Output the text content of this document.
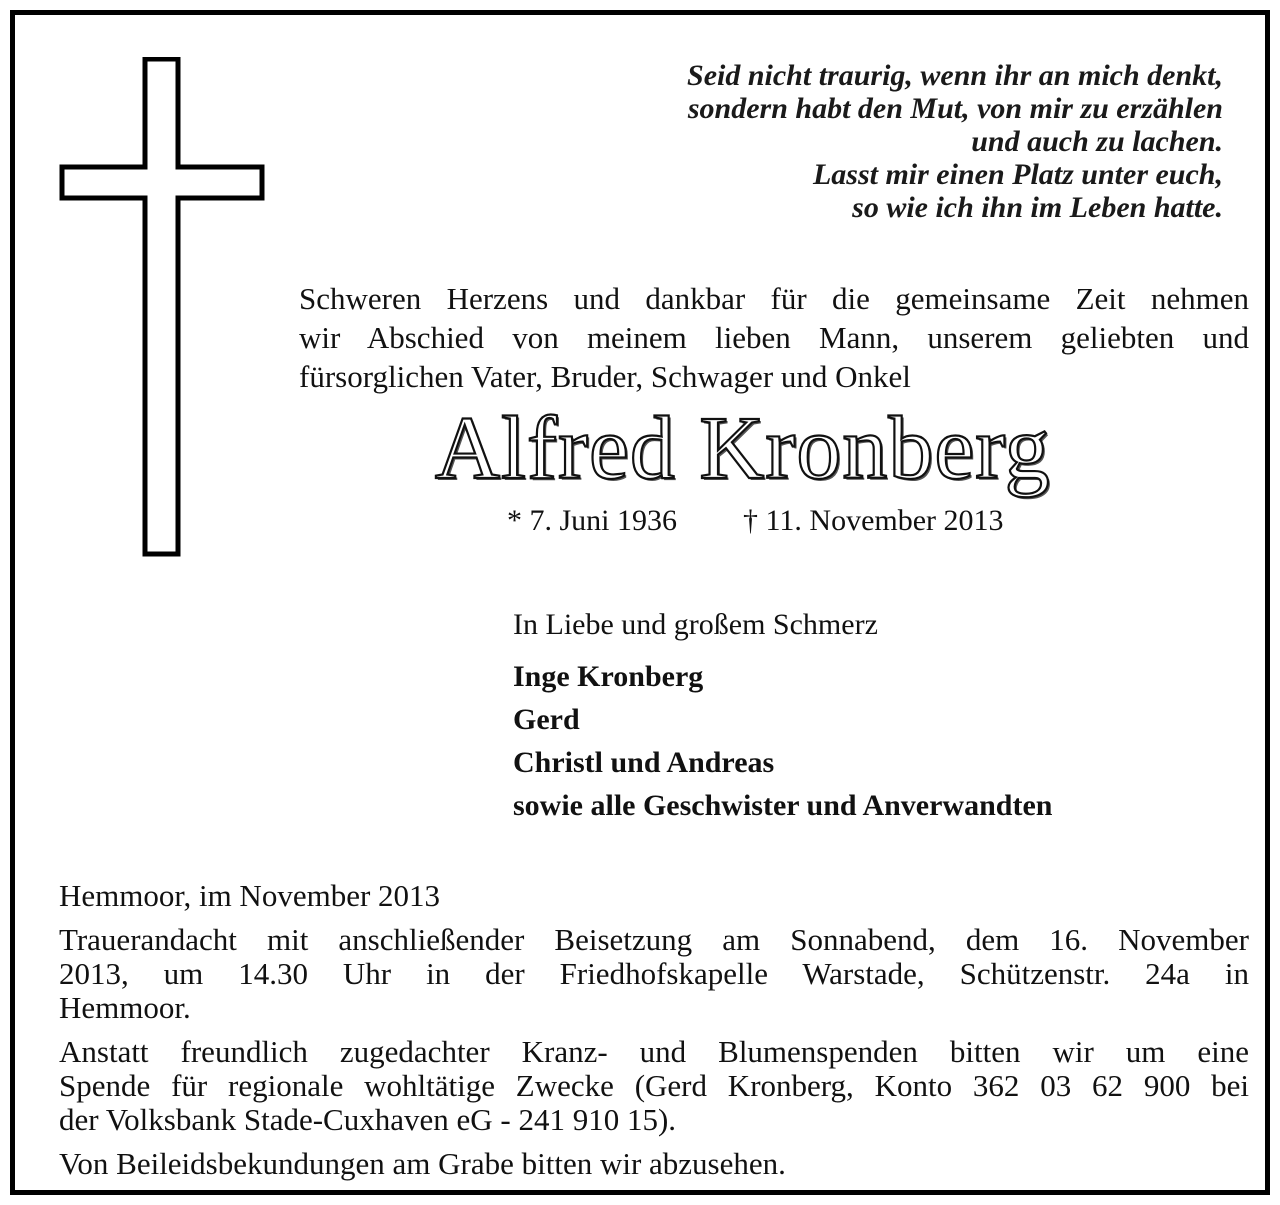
Seid nicht traurig, wenn ihr an mich denkt,
sondern habt den Mut, von mir zu erzählen
und auch zu lachen.
Lasst mir einen Platz unter euch,
so wie ich ihn im Leben hatte.
Schweren Herzens und dankbar für die gemeinsame Zeit nehmen
wir Abschied von meinem lieben Mann, unserem geliebten und
fürsorglichen Vater, Bruder, Schwager und Onkel
Alfred Kronberg
* 7. Juni 1936 † 11. November 2013
In Liebe und großem Schmerz
Inge Kronberg
Gerd
Christl und Andreas
sowie alle Geschwister und Anverwandten

Hemmoor, im November 2013

Trauerandacht mit anschließender Beisetzung am Sonnabend, dem 16. November
2013, um 14.30 Uhr in der Friedhofskapelle Warstade, Schützenstr. 24a in
Hemmoor.

Anstatt freundlich zugedachter Kranz- und Blumenspenden bitten wir um eine
Spende für regionale wohltätige Zwecke (Gerd Kronberg, Konto 362 03 62 900 bei
der Volksbank Stade-Cuxhaven eG - 241 910 15).

Von Beileidsbekundungen am Grabe bitten wir abzusehen.
